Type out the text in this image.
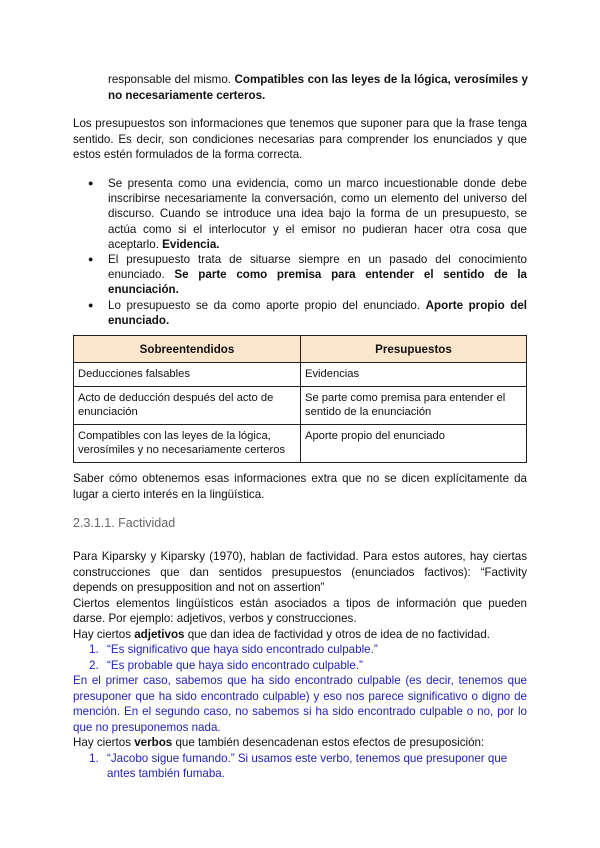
responsable del mismo. Compatibles con las leyes de la lógica, verosímiles y no necesariamente certeros.

Los presupuestos son informaciones que tenemos que suponer para que la frase tenga sentido. Es decir, son condiciones necesarias para comprender los enunciados y que estos estén formulados de la forma correcta.

● Se presenta como una evidencia, como un marco incuestionable donde debe inscribirse necesariamente la conversación, como un elemento del universo del discurso. Cuando se introduce una idea bajo la forma de un presupuesto, se actúa como si el interlocutor y el emisor no pudieran hacer otra cosa que aceptarlo. Evidencia.
● El presupuesto trata de situarse siempre en un pasado del conocimiento enunciado. Se parte como premisa para entender el sentido de la enunciación.
● Lo presupuesto se da como aporte propio del enunciado. Aporte propio del enunciado.
Sobreentendidos	Presupuestos
Deducciones falsables	Evidencias
Acto de deducción después del acto de enunciación	Se parte como premisa para entender el sentido de la enunciación
Compatibles con las leyes de la lógica, verosímiles y no necesariamente certeros	Aporte propio del enunciado

Saber cómo obtenemos esas informaciones extra que no se dicen explícitamente da lugar a cierto interés en la lingüística.

2.3.1.1. Factividad

Para Kiparsky y Kiparsky (1970), hablan de factividad. Para estos autores, hay ciertas construcciones que dan sentidos presupuestos (enunciados factivos): “Factivity depends on presupposition and not on assertion”

Ciertos elementos lingüísticos están asociados a tipos de información que pueden darse. Por ejemplo: adjetivos, verbos y construcciones.

Hay ciertos adjetivos que dan idea de factividad y otros de idea de no factividad.

1. “Es significativo que haya sido encontrado culpable.”
2. “Es probable que haya sido encontrado culpable.”

En el primer caso, sabemos que ha sido encontrado culpable (es decir, tenemos que presuponer que ha sido encontrado culpable) y eso nos parece significativo o digno de mención. En el segundo caso, no sabemos si ha sido encontrado culpable o no, por lo que no presuponemos nada.

Hay ciertos verbos que también desencadenan estos efectos de presuposición:

1. “Jacobo sigue fumando.” Si usamos este verbo, tenemos que presuponer que antes también fumaba.
